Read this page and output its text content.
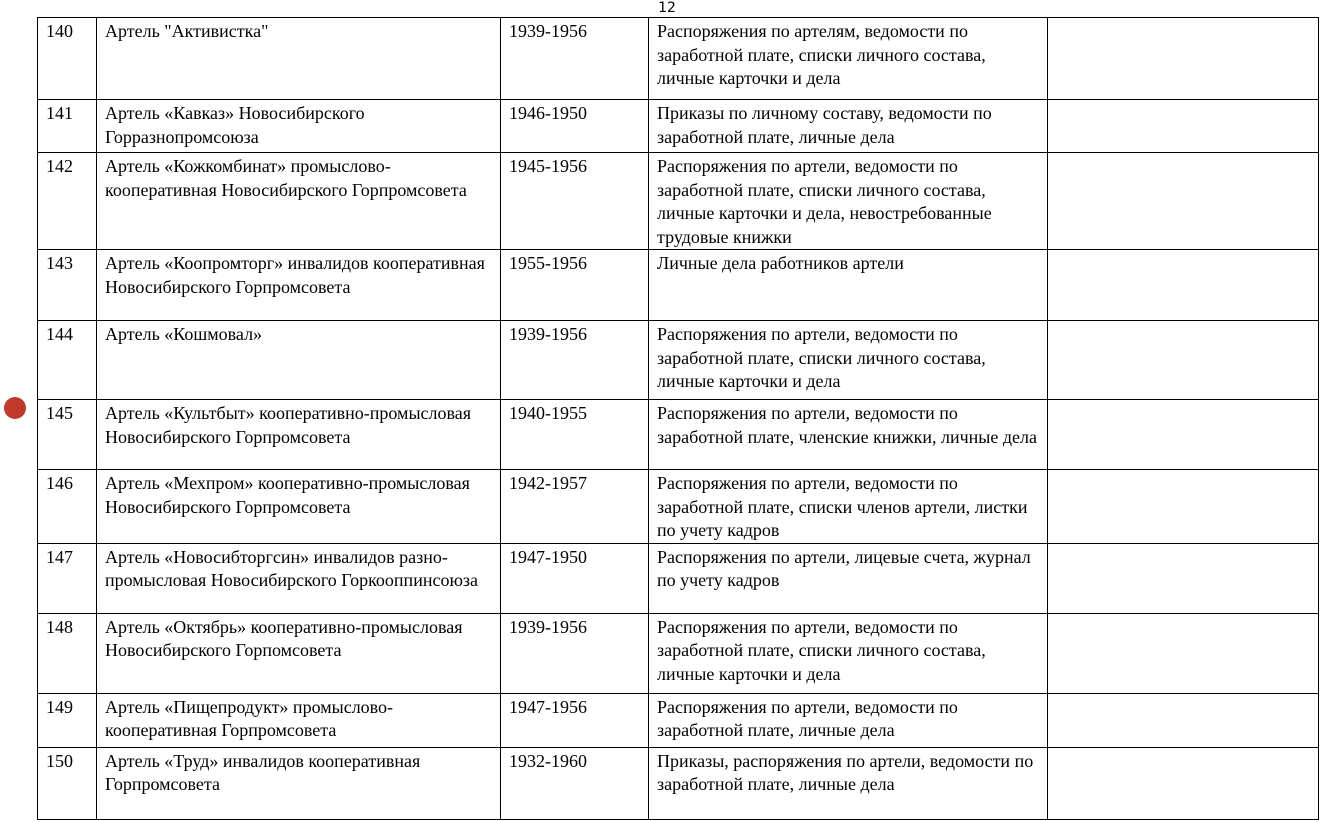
12
140	Артель "Активистка"	1939-1956	Распоряжения по артелям, ведомости по заработной плате, списки личного состава, личные карточки и дела	
141	Артель «Кавказ» Новосибирского Горразнопромсоюза	1946-1950	Приказы по личному составу, ведомости по заработной плате, личные дела	
142	Артель «Кожкомбинат» промыслово-кооперативная Новосибирского Горпромсовета	1945-1956	Распоряжения по артели, ведомости по заработной плате, списки личного состава, личные карточки и дела, невостребованные трудовые книжки	
143	Артель «Коопромторг» инвалидов кооперативная Новосибирского Горпромсовета	1955-1956	Личные дела работников артели	
144	Артель «Кошмовал»	1939-1956	Распоряжения по артели, ведомости по заработной плате, списки личного состава, личные карточки и дела	
145	Артель «Культбыт» кооперативно-промысловая Новосибирского Горпромсовета	1940-1955	Распоряжения по артели, ведомости по заработной плате, членские книжки, личные дела	
146	Артель «Мехпром» кооперативно-промысловая Новосибирского Горпромсовета	1942-1957	Распоряжения по артели, ведомости по заработной плате, списки членов артели, листки по учету кадров	
147	Артель «Новосибторгсин» инвалидов разно-промысловая Новосибирского Горкооппинсоюза	1947-1950	Распоряжения по артели, лицевые счета, журнал по учету кадров	
148	Артель «Октябрь» кооперативно-промысловая Новосибирского Горпомсовета	1939-1956	Распоряжения по артели, ведомости по заработной плате, списки личного состава, личные карточки и дела	
149	Артель «Пищепродукт» промыслово-кооперативная Горпромсовета	1947-1956	Распоряжения по артели, ведомости по заработной плате, личные дела	
150	Артель «Труд» инвалидов кооперативная Горпромсовета	1932-1960	Приказы, распоряжения по артели, ведомости по заработной плате, личные дела	
